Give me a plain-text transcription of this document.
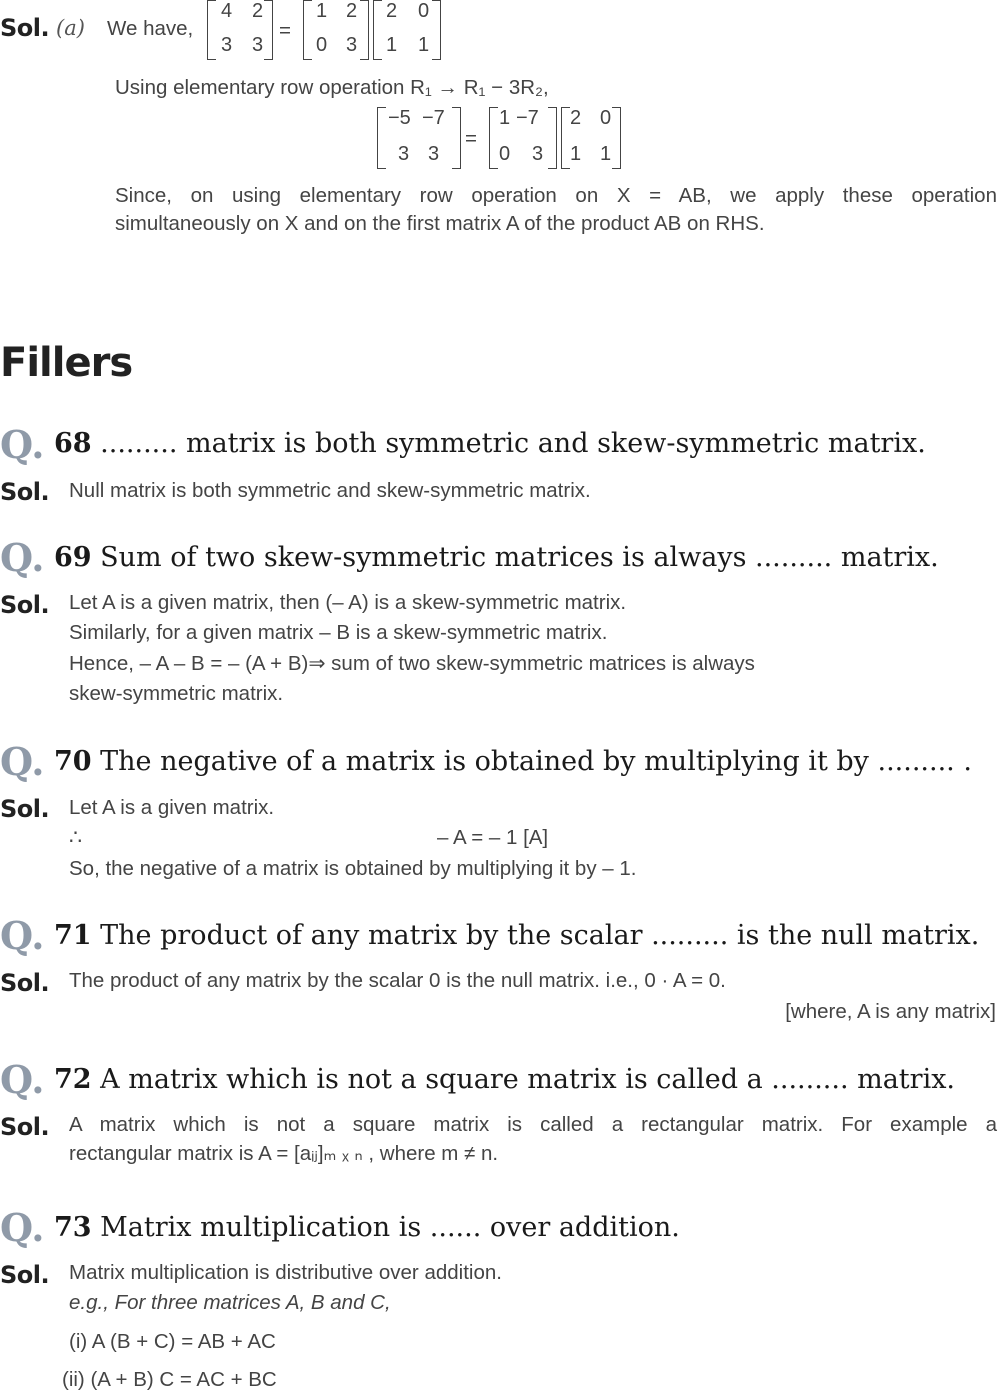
Sol. (a) We have,
4 2
3 3
=
1 2
0 3
2 0
1 1
Using elementary row operation R₁ → R₁ − 3R₂,
−5 −7
3 3
=
1 −7
0 3
2 0
1 1
Since, on using elementary row operation on X = AB, we apply these operation
simultaneously on X and on the first matrix A of the product AB on RHS.
Fillers
Q. 68 ......... matrix is both symmetric and skew-symmetric matrix.
Sol. Null matrix is both symmetric and skew-symmetric matrix.
Q. 69 Sum of two skew-symmetric matrices is always ......... matrix.
Sol. Let A is a given matrix, then (– A) is a skew-symmetric matrix.
Similarly, for a given matrix – B is a skew-symmetric matrix.
Hence, – A – B = – (A + B)⇒ sum of two skew-symmetric matrices is always
skew-symmetric matrix.
Q. 70 The negative of a matrix is obtained by multiplying it by ......... .
Sol. Let A is a given matrix.
∴	– A = – 1 [A]
So, the negative of a matrix is obtained by multiplying it by – 1.
Q. 71 The product of any matrix by the scalar ......... is the null matrix.
Sol. The product of any matrix by the scalar 0 is the null matrix. i.e., 0 · A = 0.
[where, A is any matrix]
Q. 72 A matrix which is not a square matrix is called a ......... matrix.
Sol. A matrix which is not a square matrix is called a rectangular matrix. For example a
rectangular matrix is A = [aᵢⱼ]ₘ ₓ ₙ , where m ≠ n.
Q. 73 Matrix multiplication is ...... over addition.
Sol. Matrix multiplication is distributive over addition.
e.g., For three matrices A, B and C,
(i) A (B + C) = AB + AC
(ii) (A + B) C = AC + BC
